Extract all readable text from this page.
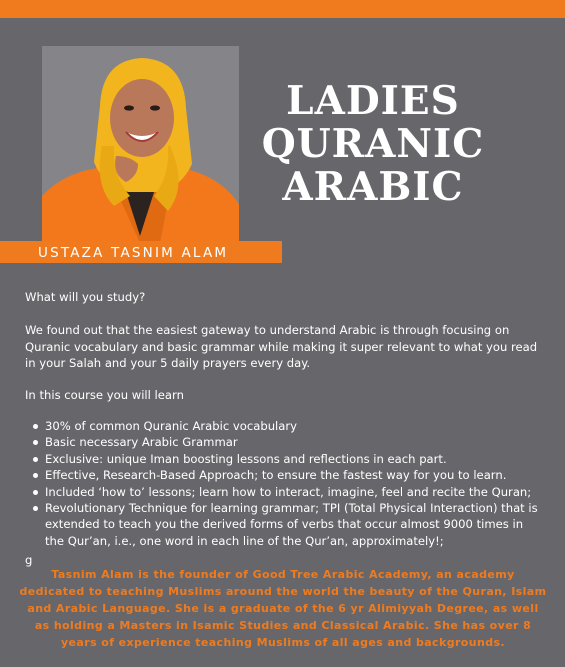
USTAZA TASNIM ALAM
LADIES
QURANIC
ARABIC
What will you study?
We found out that the easiest gateway to understand Arabic is through focusing on Quranic vocabulary and basic grammar while making it super relevant to what you read in your Salah and your 5 daily prayers every day.
In this course you will learn
30% of common Quranic Arabic vocabulary
Basic necessary Arabic Grammar
Exclusive: unique Iman boosting lessons and reflections in each part.
Effective, Research-Based Approach; to ensure the fastest way for you to learn.
Included ‘how to’ lessons; learn how to interact, imagine, feel and recite the Quran;
Revolutionary Technique for learning grammar; TPI (Total Physical Interaction) that is extended to teach you the derived forms of verbs that occur almost 9000 times in the Qur’an, i.e., one word in each line of the Qur’an, approximately!;
g
Tasnim Alam is the founder of Good Tree Arabic Academy, an academy dedicated to teaching Muslims around the world the beauty of the Quran, Islam and Arabic Language. She is a graduate of the 6 yr Alimiyyah Degree, as well as holding a Masters in Isamic Studies and Classical Arabic. She has over 8 years of experience teaching Muslims of all ages and backgrounds.
